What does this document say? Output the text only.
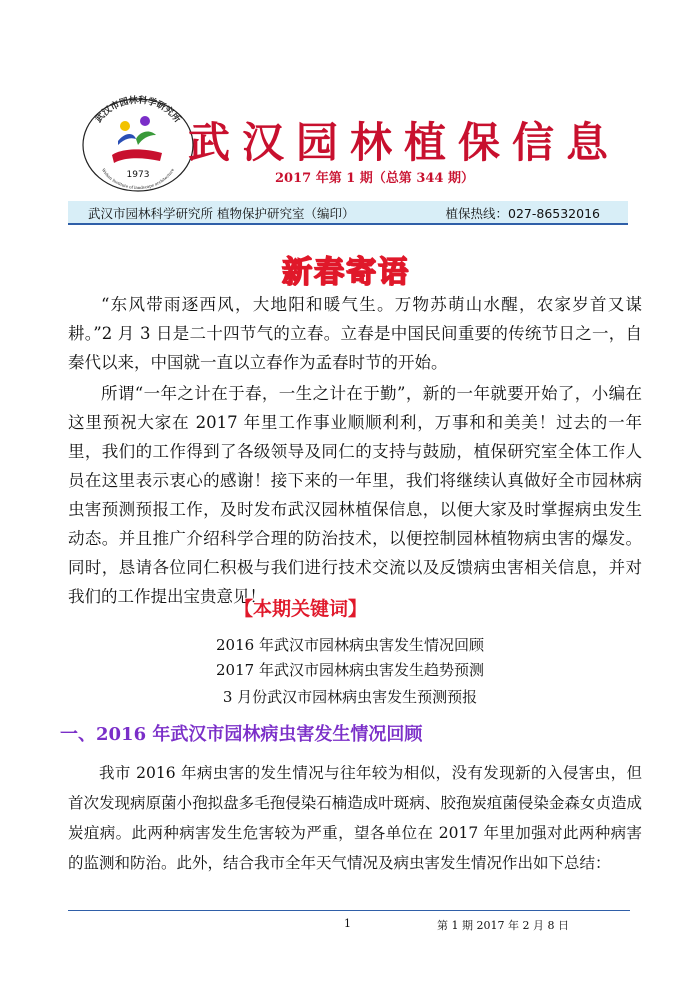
武汉市园林科学研究所
Wuhan Institute of landscape architecture
1973
武汉园林植保信息
2017 年第 1 期（总第 344 期）
武汉市园林科学研究所 植物保护研究室（编印）	植保热线：027-86532016
新春寄语

“东风带雨逐西风，大地阳和暖气生。万物苏萌山水醒，农家岁首又谋耕。”2 月 3 日是二十四节气的立春。立春是中国民间重要的传统节日之一，自秦代以来，中国就一直以立春作为孟春时节的开始。

所谓“一年之计在于春，一生之计在于勤”，新的一年就要开始了，小编在这里预祝大家在 2017 年里工作事业顺顺利利，万事和和美美！过去的一年里，我们的工作得到了各级领导及同仁的支持与鼓励，植保研究室全体工作人员在这里表示衷心的感谢！接下来的一年里，我们将继续认真做好全市园林病虫害预测预报工作，及时发布武汉园林植保信息，以便大家及时掌握病虫发生动态。并且推广介绍科学合理的防治技术，以便控制园林植物病虫害的爆发。同时，恳请各位同仁积极与我们进行技术交流以及反馈病虫害相关信息，并对我们的工作提出宝贵意见！

【本期关键词】
2016 年武汉市园林病虫害发生情况回顾
2017 年武汉市园林病虫害发生趋势预测
3 月份武汉市园林病虫害发生预测预报
一、2016 年武汉市园林病虫害发生情况回顾

我市 2016 年病虫害的发生情况与往年较为相似，没有发现新的入侵害虫，但首次发现病原菌小孢拟盘多毛孢侵染石楠造成叶斑病、胶孢炭疽菌侵染金森女贞造成炭疽病。此两种病害发生危害较为严重，望各单位在 2017 年里加强对此两种病害的监测和防治。此外，结合我市全年天气情况及病虫害发生情况作出如下总结：

1	第 1 期 2017 年 2 月 8 日
